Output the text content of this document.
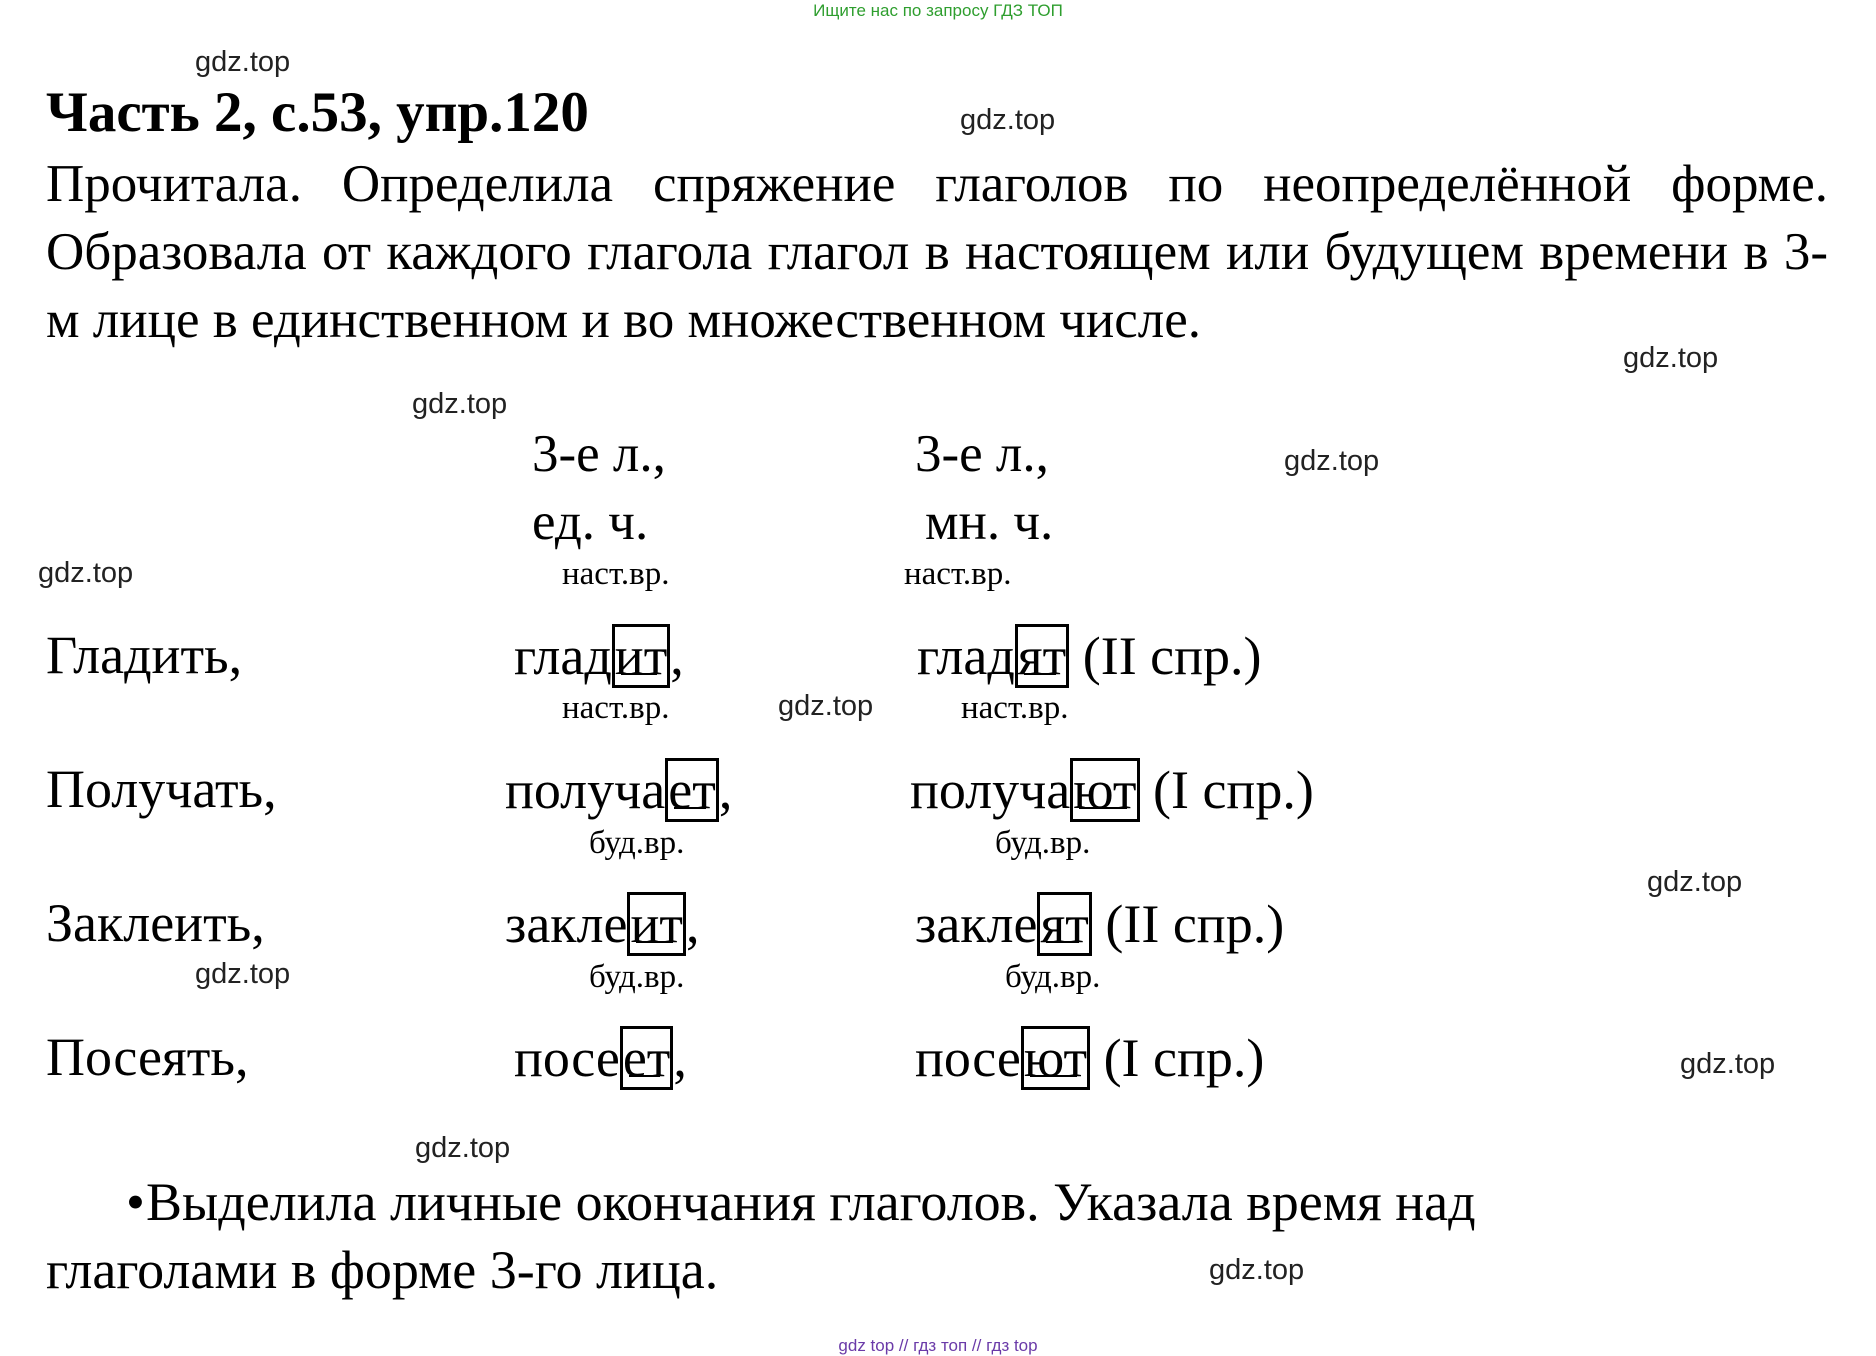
Ищите нас по запросу ГДЗ ТОП
Часть 2, с.53, упр.120
Прочитала. Определила спряжение глаголов по неопределённой форме. Образовала от каждого глагола глагол в настоящем или будущем времени в 3-м лице в единственном и во множественном числе.
3-е л.,
ед. ч.
3-е л.,
мн. ч.
наст.вр.	наст.вр.
Гладить,	гладит,	гладят (II спр.)
наст.вр.	наст.вр.
Получать,	получает,	получают (I спр.)
буд.вр.	буд.вр.
Заклеить,	заклеит,	заклеят (II спр.)
буд.вр.	буд.вр.
Посеять,	посеет,	посеют (I спр.)
•Выделила личные окончания глаголов. Указала время над глаголами в форме 3-го лица.
gdz.top
gdz.top
gdz.top
gdz.top
gdz.top
gdz.top
gdz.top
gdz.top
gdz.top
gdz.top
gdz.top
gdz.top
gdz top // гдз топ // гдз top
